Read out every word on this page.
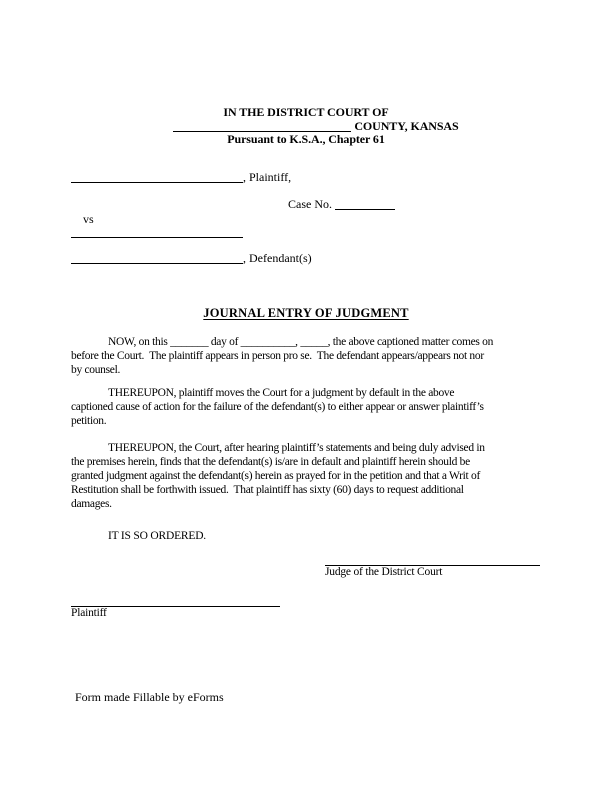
IN THE DISTRICT COURT OF
COUNTY, KANSAS
Pursuant to K.S.A., Chapter 61
, Plaintiff,

vs

Case No.

, Defendant(s)
JOURNAL ENTRY OF JUDGMENT
NOW, on this _______ day of __________, _____, the above captioned matter comes on
before the Court.  The plaintiff appears in person pro se.  The defendant appears/appears not nor
by counsel.
THEREUPON, plaintiff moves the Court for a judgment by default in the above
captioned cause of action for the failure of the defendant(s) to either appear or answer plaintiff’s
petition.
THEREUPON, the Court, after hearing plaintiff’s statements and being duly advised in
the premises herein, finds that the defendant(s) is/are in default and plaintiff herein should be
granted judgment against the defendant(s) herein as prayed for in the petition and that a Writ of
Restitution shall be forthwith issued.  That plaintiff has sixty (60) days to request additional
damages.
IT IS SO ORDERED.
Judge of the District Court
Plaintiff
Form made Fillable by eForms
